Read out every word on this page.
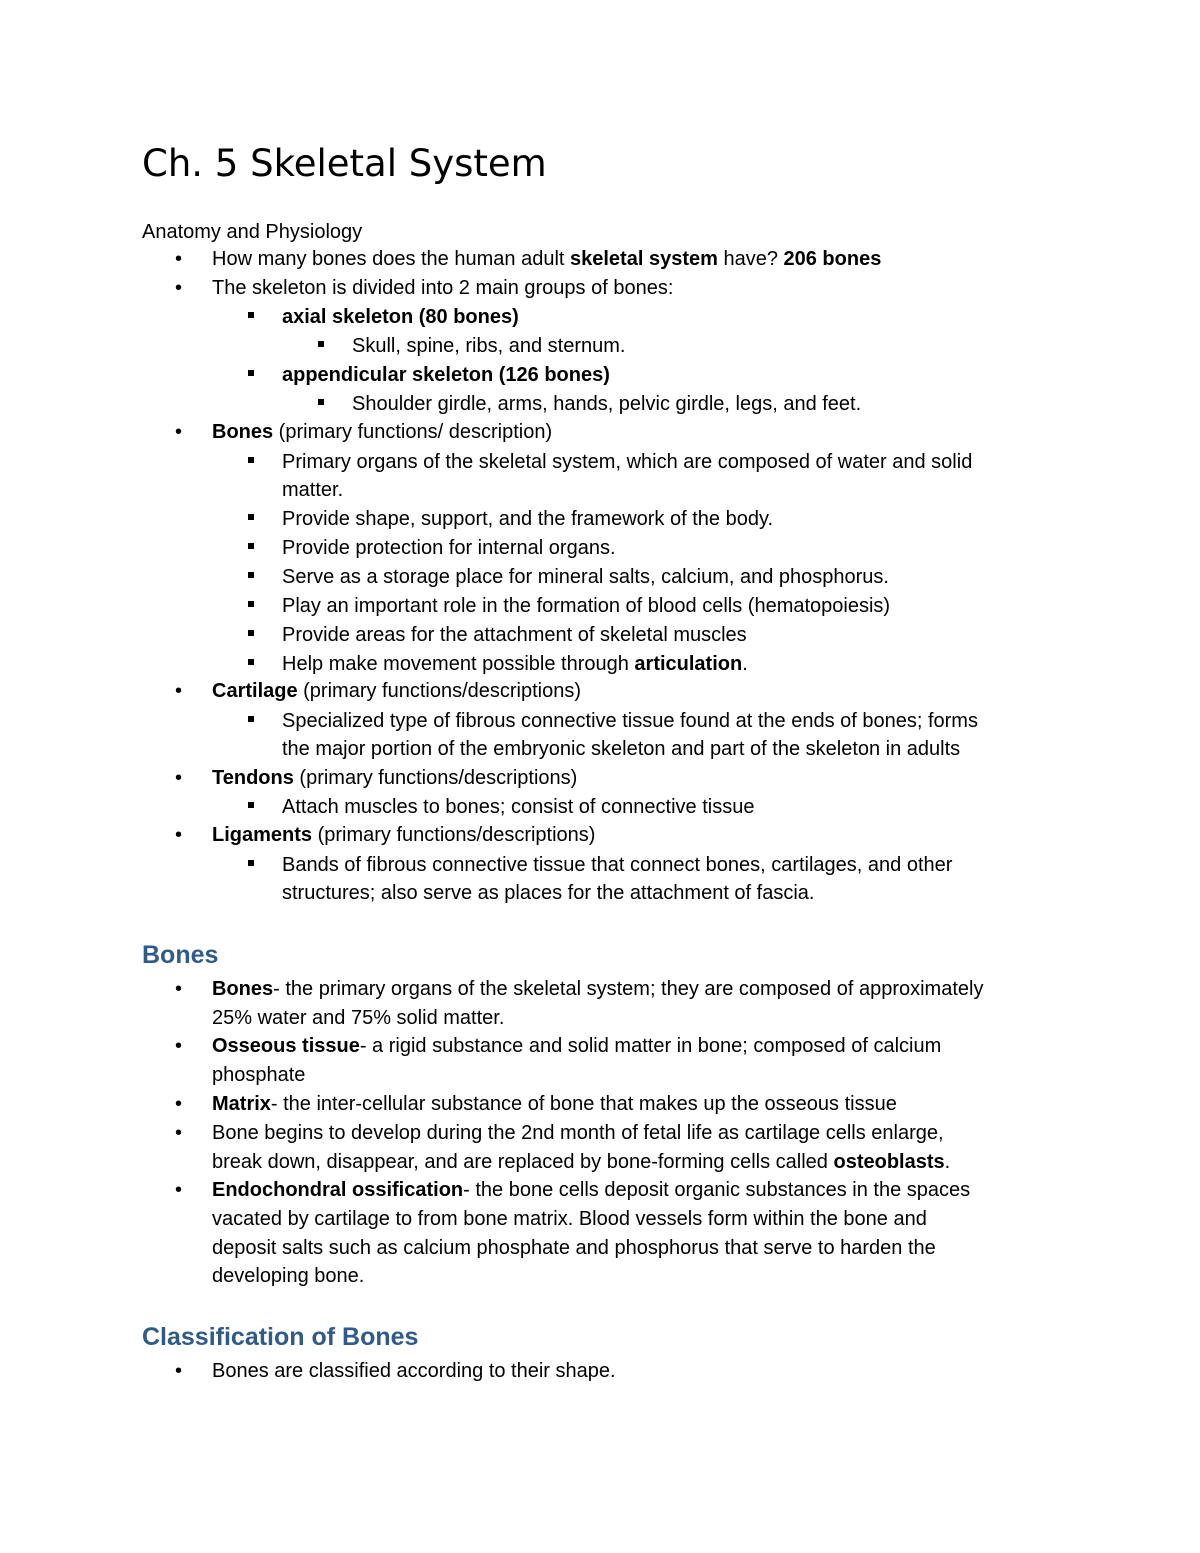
Ch. 5 Skeletal System

Anatomy and Physiology

• How many bones does the human adult skeletal system have? 206 bones
• The skeleton is divided into 2 main groups of bones:
axial skeleton (80 bones)
Skull, spine, ribs, and sternum.
appendicular skeleton (126 bones)
Shoulder girdle, arms, hands, pelvic girdle, legs, and feet.
• Bones (primary functions/ description)
Primary organs of the skeletal system, which are composed of water and solid
matter.
Provide shape, support, and the framework of the body.
Provide protection for internal organs.
Serve as a storage place for mineral salts, calcium, and phosphorus.
Play an important role in the formation of blood cells (hematopoiesis)
Provide areas for the attachment of skeletal muscles
Help make movement possible through articulation.
• Cartilage (primary functions/descriptions)
Specialized type of fibrous connective tissue found at the ends of bones; forms
the major portion of the embryonic skeleton and part of the skeleton in adults
• Tendons (primary functions/descriptions)
Attach muscles to bones; consist of connective tissue
• Ligaments (primary functions/descriptions)
Bands of fibrous connective tissue that connect bones, cartilages, and other
structures; also serve as places for the attachment of fascia.
Bones
• Bones- the primary organs of the skeletal system; they are composed of approximately
25% water and 75% solid matter.
• Osseous tissue- a rigid substance and solid matter in bone; composed of calcium
phosphate
• Matrix- the inter-cellular substance of bone that makes up the osseous tissue
• Bone begins to develop during the 2nd month of fetal life as cartilage cells enlarge,
break down, disappear, and are replaced by bone-forming cells called osteoblasts.
• Endochondral ossification- the bone cells deposit organic substances in the spaces
vacated by cartilage to from bone matrix. Blood vessels form within the bone and
deposit salts such as calcium phosphate and phosphorus that serve to harden the
developing bone.
Classification of Bones
• Bones are classified according to their shape.
